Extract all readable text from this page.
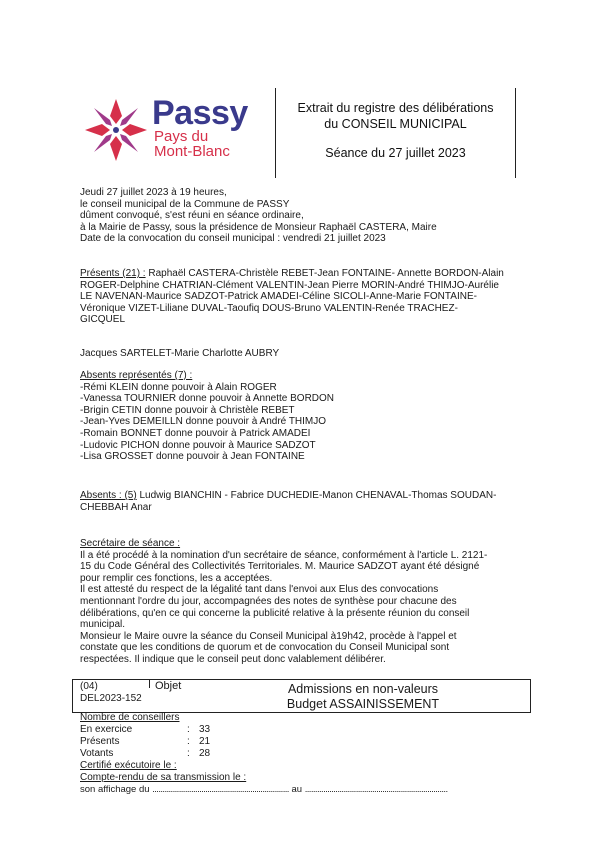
Passy
Pays du
Mont-Blanc
Extrait du registre des délibérations
du CONSEIL MUNICIPAL
Séance du 27 juillet 2023
Jeudi 27 juillet 2023 à 19 heures,
le conseil municipal de la Commune de PASSY
dûment convoqué, s'est réuni en séance ordinaire,
à la Mairie de Passy, sous la présidence de Monsieur Raphaël CASTERA, Maire
Date de la convocation du conseil municipal : vendredi 21 juillet 2023
Présents (21) : Raphaël CASTERA-Christèle REBET-Jean FONTAINE- Annette BORDON-Alain
ROGER-Delphine CHATRIAN-Clément VALENTIN-Jean Pierre MORIN-André THIMJO-Aurélie
LE NAVENAN-Maurice SADZOT-Patrick AMADEI-Céline SICOLI-Anne-Marie FONTAINE-
Véronique VIZET-Liliane DUVAL-Taoufiq DOUS-Bruno VALENTIN-Renée TRACHEZ-
GICQUEL
Jacques SARTELET-Marie Charlotte AUBRY
Absents représentés (7) :
-Rémi KLEIN donne pouvoir à Alain ROGER
-Vanessa TOURNIER donne pouvoir à Annette BORDON
-Brigin CETIN donne pouvoir à Christèle REBET
-Jean-Yves DEMEILLN donne pouvoir à André THIMJO
-Romain BONNET donne pouvoir à Patrick AMADEI
-Ludovic PICHON donne pouvoir à Maurice SADZOT
-Lisa GROSSET donne pouvoir à Jean FONTAINE
Absents : (5) Ludwig BIANCHIN - Fabrice DUCHEDIE-Manon CHENAVAL-Thomas SOUDAN-
CHEBBAH Anar
Secrétaire de séance :
Il a été procédé à la nomination d'un secrétaire de séance, conformément à l'article L. 2121-
15 du Code Général des Collectivités Territoriales. M. Maurice SADZOT ayant été désigné
pour remplir ces fonctions, les a acceptées.
Il est attesté du respect de la légalité tant dans l'envoi aux Elus des convocations
mentionnant l'ordre du jour, accompagnées des notes de synthèse pour chacune des
délibérations, qu'en ce qui concerne la publicité relative à la présente réunion du conseil
municipal.
Monsieur le Maire ouvre la séance du Conseil Municipal à19h42, procède à l'appel et
constate que les conditions de quorum et de convocation du Conseil Municipal sont
respectées. Il indique que le conseil peut donc valablement délibérer.
(04)
DEL2023-152
Objet	Admissions en non-valeurs
Budget ASSAINISSEMENT
Nombre de conseillers
En exercice	: 33
Présents	: 21
Votants	: 28
Certifié exécutoire le :
Compte-rendu de sa transmission le :
son affichage du ................................................................... au ......................................................................
